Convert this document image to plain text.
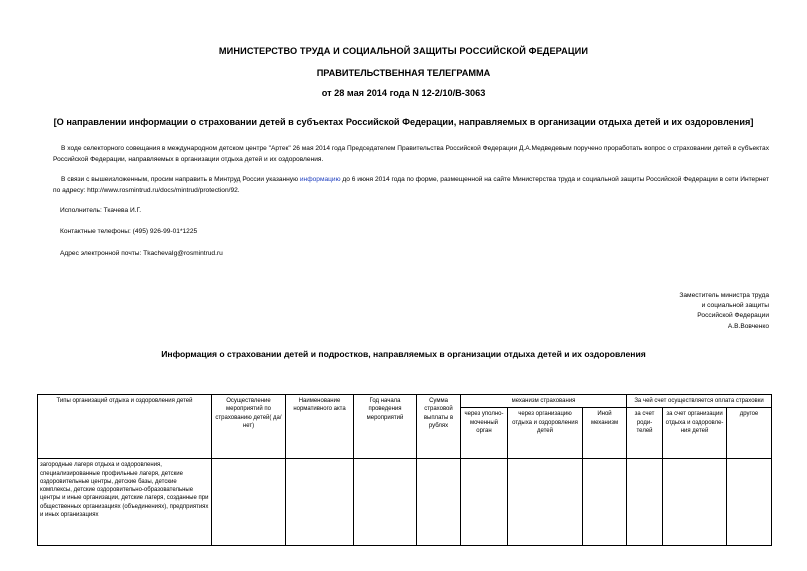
МИНИСТЕРСТВО ТРУДА И СОЦИАЛЬНОЙ ЗАЩИТЫ РОССИЙСКОЙ ФЕДЕРАЦИИ
ПРАВИТЕЛЬСТВЕННАЯ ТЕЛЕГРАММА
от 28 мая 2014 года N 12-2/10/В-3063
[О направлении информации о страховании детей в субъектах Российской Федерации, направляемых в организации отдыха детей и их оздоровления]
В ходе селекторного совещания в международном детском центре "Артек" 26 мая 2014 года Председателем Правительства Российской Федерации Д.А.Медведевым поручено проработать вопрос о страховании детей в субъектах Российской Федерации, направляемых в организации отдыха детей и их оздоровления.
В связи с вышеизложенным, просим направить в Минтруд России указанную информацию до 6 июня 2014 года по форме, размещенной на сайте Министерства труда и социальной защиты Российской Федерации в сети Интернет по адресу: http://www.rosmintrud.ru/docs/mintrud/protection/92.
Исполнитель: Ткачева И.Г.
Контактные телефоны: (495) 926-99-01*1225
Адрес электронной почты: TkachevaIg@rosmintrud.ru
Заместитель министра труда
и социальной защиты
Российской Федерации
А.В.Вовченко
Информация о страховании детей и подростков, направляемых в организации отдыха детей и их оздоровления
Типы организаций отдыха и оздоровления детей	Осуществление мероприятий по страхованию детей( да/нет)	Наименование нормативного акта	Год начала проведения мероприятий	Сумма страховой выплаты в рублях	механизм страхования			За чей счет осуществляется оплата страховки		
					через уполно-моченный орган	через организацию отдыха и оздоровления детей	Иной механизм	за счет роди-телей	за счет организации отдыха и оздоровле-ния детей	другое
загородные лагеря отдыха и оздоровления, специализированные профильные лагеря, детские оздоровительные центры, детские базы, детские комплексы, детские оздоровительно-образовательные центры и иные организации, детские лагеря, созданные при общественных организациях (объединениях), предприятиях и иных организациях										
